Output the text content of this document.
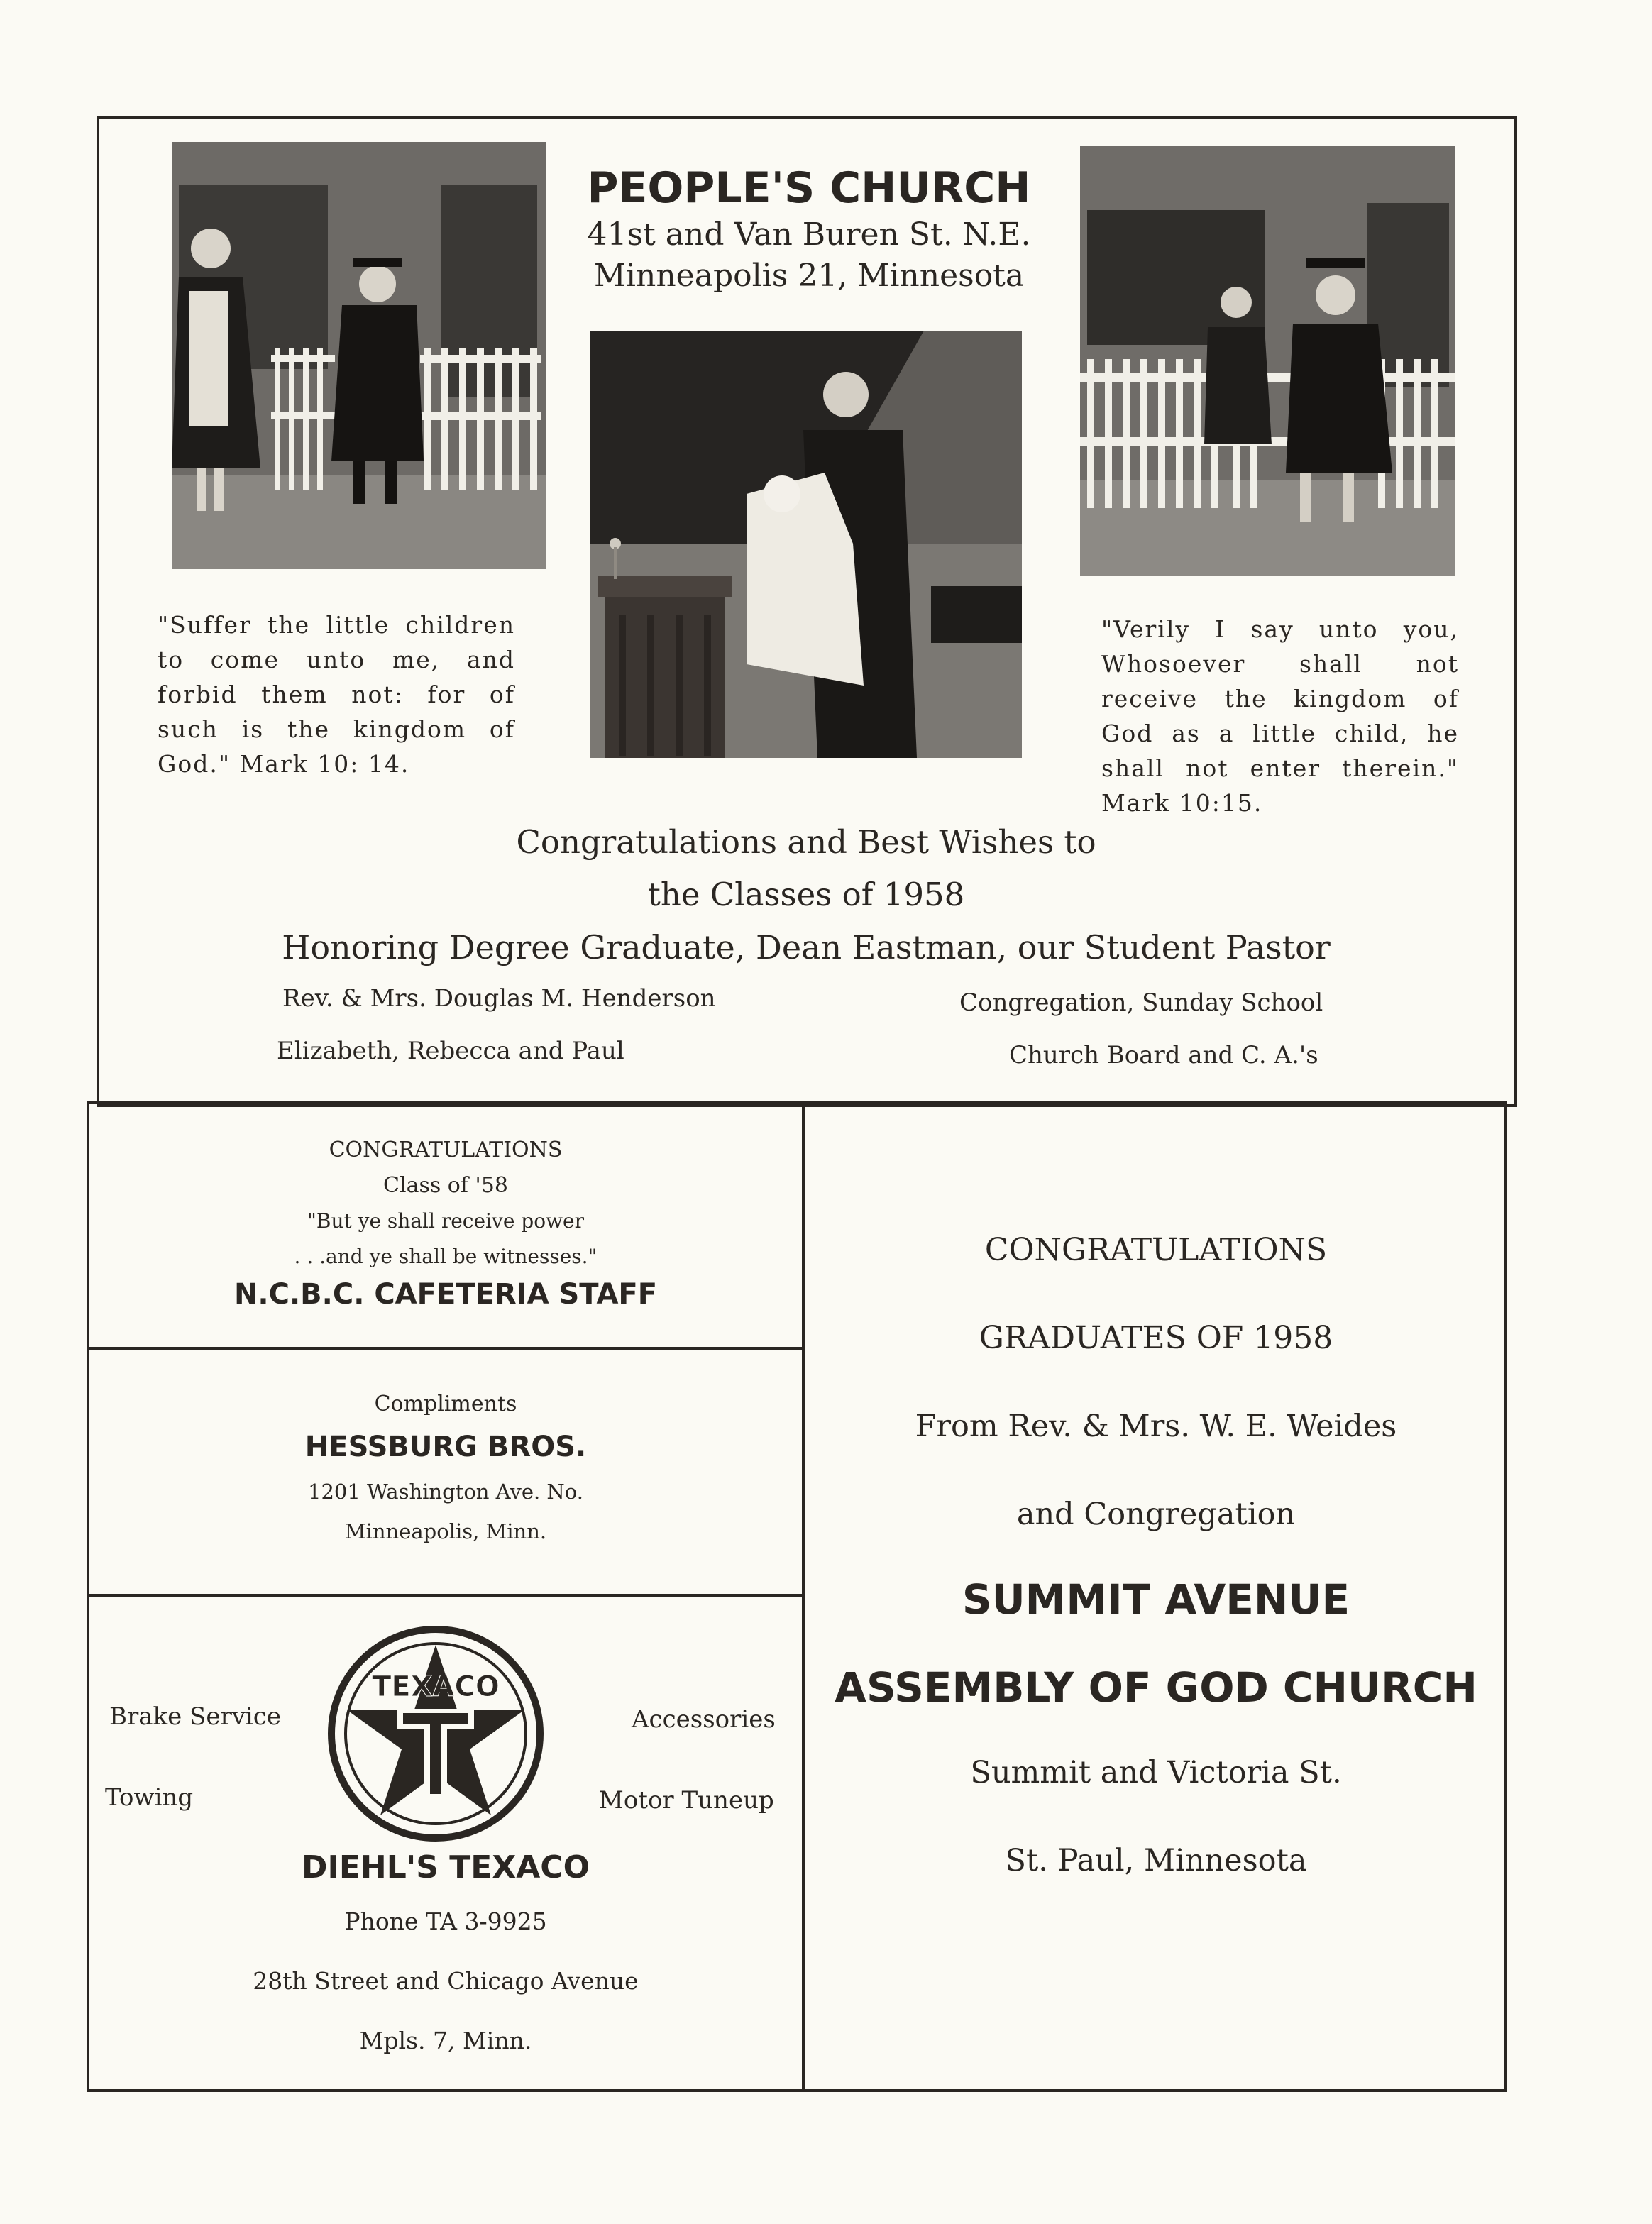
PEOPLE'S CHURCH
41st and Van Buren St. N.E.
Minneapolis 21, Minnesota
"Suffer the little children to come unto me, and forbid them not: for of such is the kingdom of God." Mark 10: 14.
"Verily I say unto you, Whosoever shall not receive the kingdom of God as a little child, he shall not enter therein." Mark 10:15.
Congratulations and Best Wishes to
the Classes of 1958
Honoring Degree Graduate, Dean Eastman, our Student Pastor
Rev. & Mrs. Douglas M. Henderson
Elizabeth, Rebecca and Paul
Congregation, Sunday School
Church Board and C. A.'s
CONGRATULATIONS
Class of '58
"But ye shall receive power
. . .and ye shall be witnesses."
N.C.B.C. CAFETERIA STAFF
Compliments
HESSBURG BROS.
1201 Washington Ave. No.
Minneapolis, Minn.
Brake Service
Towing
Accessories
Motor Tuneup
TEXACO
REG.T.M.
DIEHL'S TEXACO
Phone TA 3-9925
28th Street and Chicago Avenue
Mpls. 7, Minn.
CONGRATULATIONS
GRADUATES OF 1958
From Rev. & Mrs. W. E. Weides
and Congregation
SUMMIT AVENUE
ASSEMBLY OF GOD CHURCH
Summit and Victoria St.
St. Paul, Minnesota
